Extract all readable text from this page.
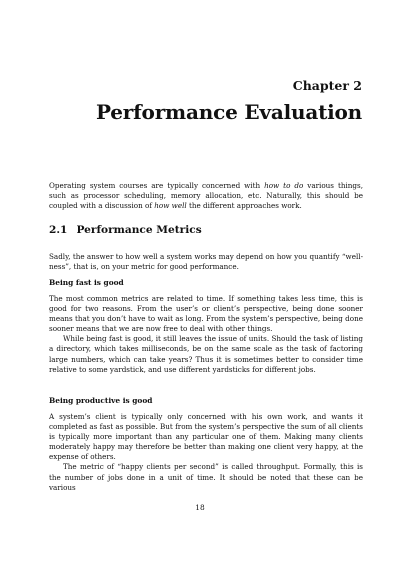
Chapter 2

Performance Evaluation

Operating system courses are typically concerned with how to do various things, such as processor scheduling, memory allocation, etc. Naturally, this should be coupled with a discussion of how well the different approaches work.

2.1 Performance Metrics

Sadly, the answer to how well a system works may depend on how you quantify “well-ness”, that is, on your metric for good performance.

Being fast is good

The most common metrics are related to time. If something takes less time, this is good for two reasons. From the user’s or client’s perspective, being done sooner means that you don’t have to wait as long. From the system’s perspective, being done sooner means that we are now free to deal with other things.

While being fast is good, it still leaves the issue of units. Should the task of listing a directory, which takes milliseconds, be on the same scale as the task of factoring large numbers, which can take years? Thus it is sometimes better to consider time relative to some yardstick, and use different yardsticks for different jobs.

Being productive is good

A system’s client is typically only concerned with his own work, and wants it completed as fast as possible. But from the system’s perspective the sum of all clients is typically more important than any particular one of them. Making many clients moderately happy may therefore be better than making one client very happy, at the expense of others.

The metric of “happy clients per second” is called throughput. Formally, this is the number of jobs done in a unit of time. It should be noted that these can be various

18
